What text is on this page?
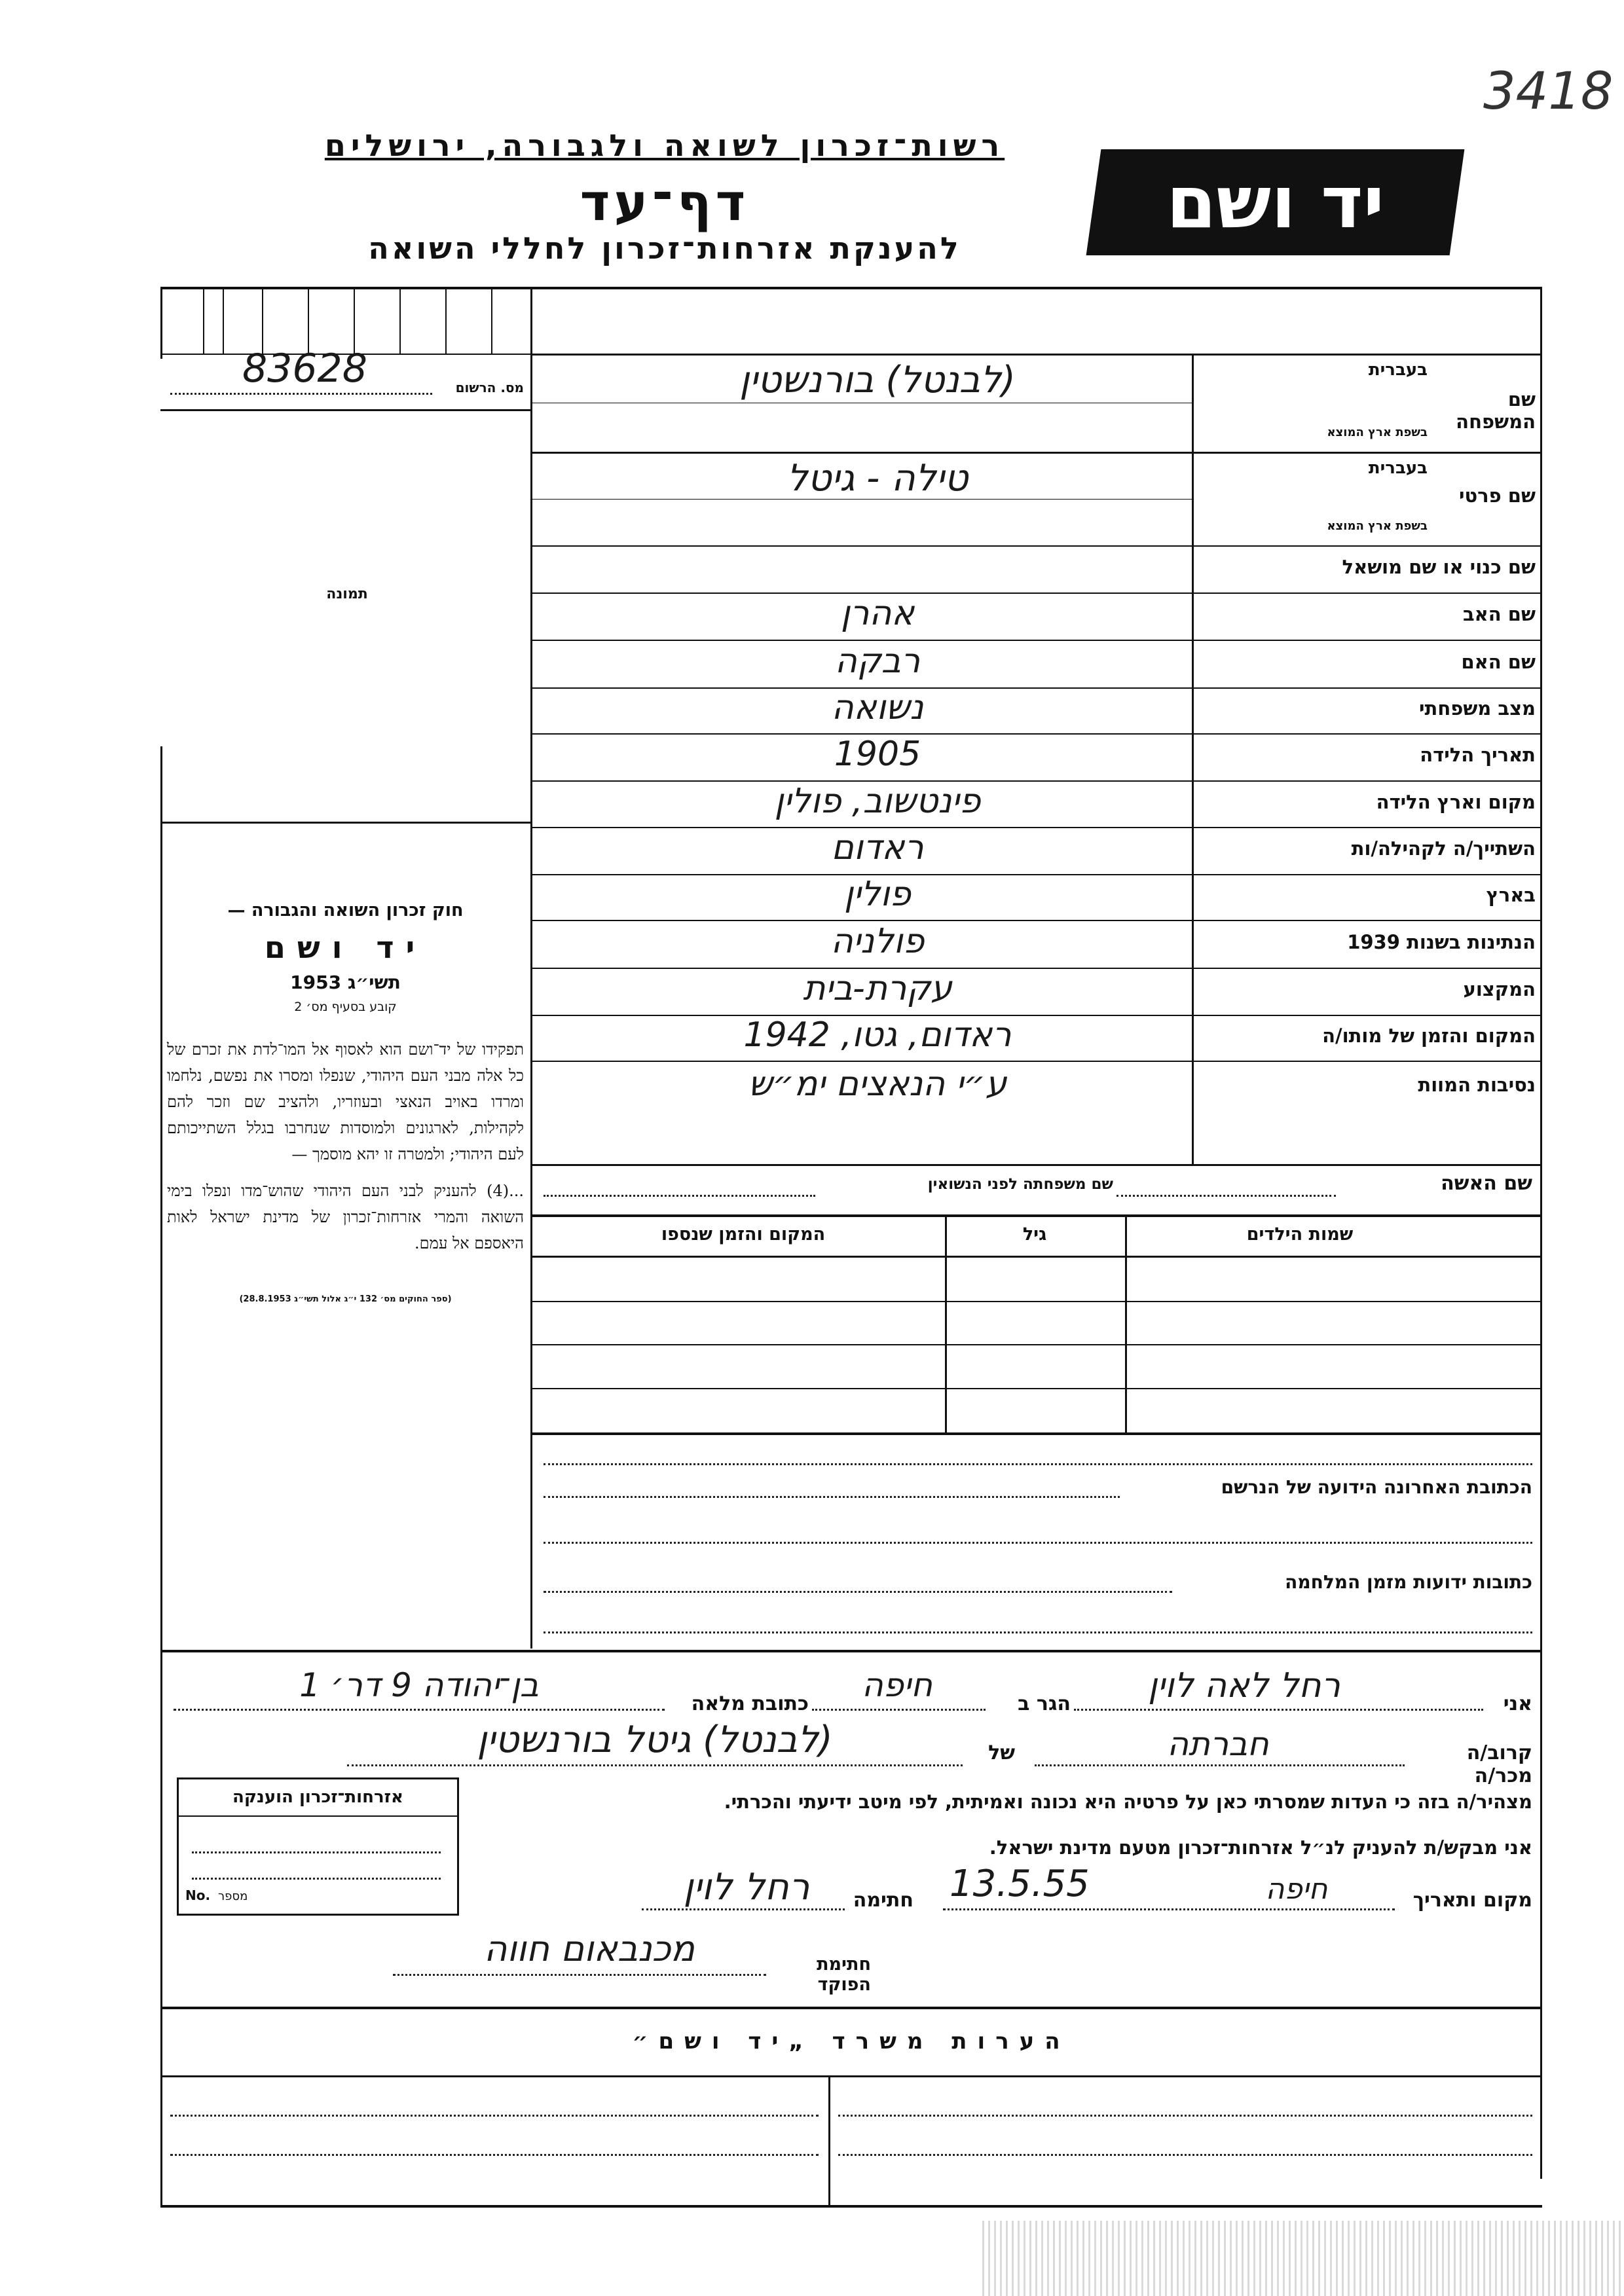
3418
רשות־זכרון לשואה ולגבורה, ירושלים
דף־עד
להענקת אזרחות־זכרון לחללי השואה
יד ושם
83628	מס. הרשום
תמונה
חוק זכרון השואה והגבורה —
יד ושם
תשי״ג 1953
קובע בסעיף מס׳ 2
תפקידו של יד־ושם הוא לאסוף אל המו־לדת את זכרם של כל אלה מבני העם היהודי, שנפלו ומסרו את נפשם, נלחמו ומרדו באויב הנאצי ובעוזריו, ולהציב שם וזכר להם לקהילות, לארגונים ולמוסדות שנחרבו בגלל השתייכותם לעם היהודי; ולמטרה זו יהא מוסמך —
...(4) להעניק לבני העם היהודי שהוש־מדו ונפלו בימי השואה והמרי אזרחות־זכרון של מדינת ישראל לאות היאספם אל עמם.
(ספר החוקים מס׳ 132 י״ג אלול תשי״ג 28.8.1953)
בעברית
בשפת ארץ המוצא
שם המשפחה
(לבנטל) בורנשטין
בעברית
בשפת ארץ המוצא
שם פרטי
טילה - גיטל
שם כנוי או שם מושאל
שם האב
אהרן
שם האם
רבקה
מצב משפחתי
נשואה
תאריך הלידה
1905
מקום וארץ הלידה
פינטשוב, פולין
השתייך/ה לקהילה/ות
ראדום
בארץ
פולין
הנתינות בשנות 1939
פולניה
המקצוע
עקרת-בית
המקום והזמן של מותו/ה
ראדום, גטו, 1942
נסיבות המוות
ע״י הנאצים ימ״ש
שם האשה
שם משפחתה לפני הנשואין
שמות הילדים
גיל
המקום והזמן שנספו
הכתובת האחרונה הידועה של הנרשם
כתובות ידועות מזמן המלחמה
אני
רחל לאה לוין
הגר ב
חיפה
כתובת מלאה
בן־יהודה 9 דר׳ 1
קרוב/ה מכר/ה
חברתה
של
(לבנטל) גיטל בורנשטין
מצהיר/ה בזה כי העדות שמסרתי כאן על פרטיה היא נכונה ואמיתית, לפי מיטב ידיעתי והכרתי.
אני מבקש/ת להעניק לנ״ל אזרחות־זכרון מטעם מדינת ישראל.
מקום ותאריך
חיפה
13.5.55
חתימה
רחל לוין
חתימת הפוקד
מכנבאום חווה
אזרחות־זכרון הוענקה
No. מספר
הערות משרד „יד ושם״
